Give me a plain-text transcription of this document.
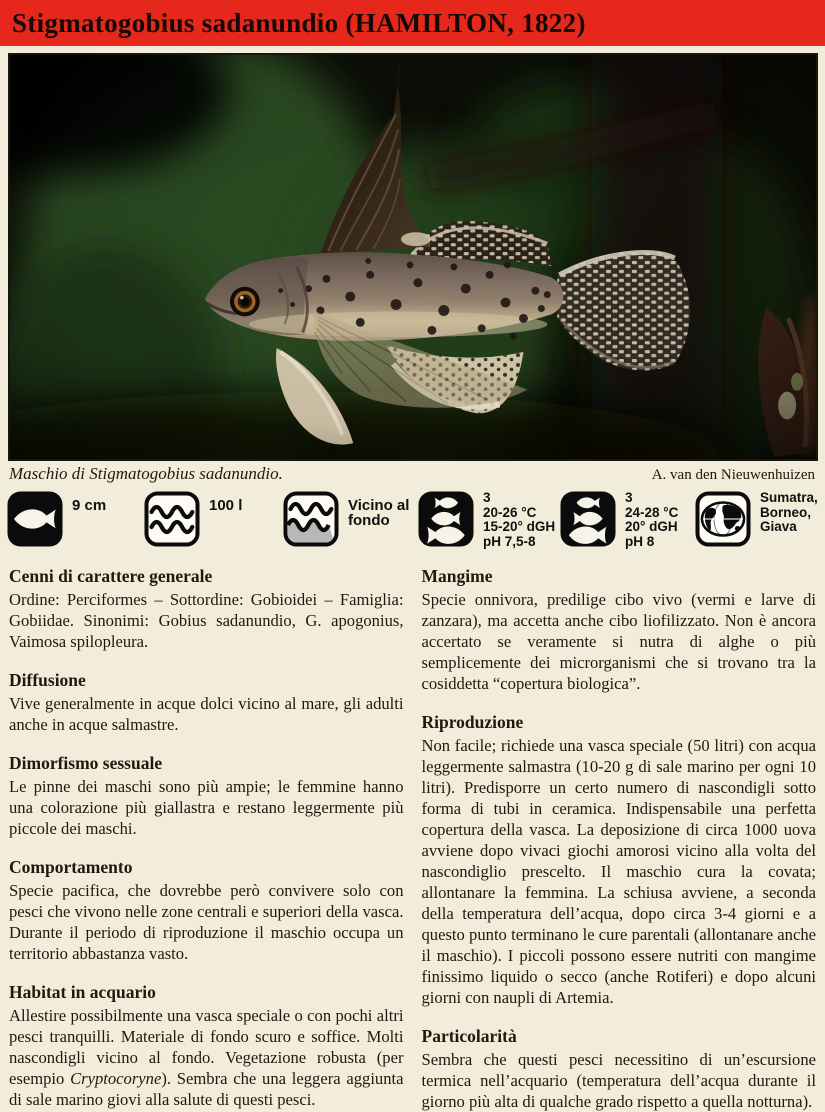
Stigmatogobius sadanundio (HAMILTON, 1822)
Maschio di Stigmatogobius sadanundio.	A. van den Nieuwenhuizen
9 cm	100 l	Vicino al
fondo
3
20-26 °C
15-20° dGH
pH 7,5-8
3
24-28 °C
20° dGH
pH 8
Sumatra,
Borneo,
Giava
Cenni di carattere generale

Ordine: Perciformes – Sottordine: Gobioidei – Famiglia: Gobiidae. Sinonimi: Gobius sadanundio, G. apogonius, Vaimosa spilopleura.

Diffusione

Vive generalmente in acque dolci vicino al mare, gli adulti anche in acque salmastre.

Dimorfismo sessuale

Le pinne dei maschi sono più ampie; le femmine hanno una colorazione più giallastra e restano leggermente più piccole dei maschi.

Comportamento

Specie pacifica, che dovrebbe però convivere solo con pesci che vivono nelle zone centrali e superiori della vasca. Durante il periodo di riproduzione il maschio occupa un territorio abbastanza vasto.

Habitat in acquario

Allestire possibilmente una vasca speciale o con pochi altri pesci tranquilli. Materiale di fondo scuro e soffice. Molti nascondigli vicino al fondo. Vegetazione robusta (per esempio Cryptocoryne). Sembra che una leggera aggiunta di sale marino giovi alla salute di questi pesci.

Mangime

Specie onnivora, predilige cibo vivo (vermi e larve di zanzara), ma accetta anche cibo liofilizzato. Non è ancora accertato se veramente si nutra di alghe o più semplicemente dei microrganismi che si trovano tra la cosiddetta “copertura biologica”.

Riproduzione

Non facile; richiede una vasca speciale (50 litri) con acqua leggermente salmastra (10-20 g di sale marino per ogni 10 litri). Predisporre un certo numero di nascondigli sotto forma di tubi in ceramica. Indispensabile una perfetta copertura della vasca. La deposizione di circa 1000 uova avviene dopo vivaci giochi amorosi vicino alla volta del nascondiglio prescelto. Il maschio cura la covata; allontanare la femmina. La schiusa avviene, a seconda della temperatura dell’acqua, dopo circa 3-4 giorni e a questo punto terminano le cure parentali (allontanare anche il maschio). I piccoli possono essere nutriti con mangime finissimo liquido o secco (anche Rotiferi) e dopo alcuni giorni con naupli di Artemia.

Particolarità

Sembra che questi pesci necessitino di un’escursione termica nell’acquario (temperatura dell’acqua durante il giorno più alta di qualche grado rispetto a quella notturna).
